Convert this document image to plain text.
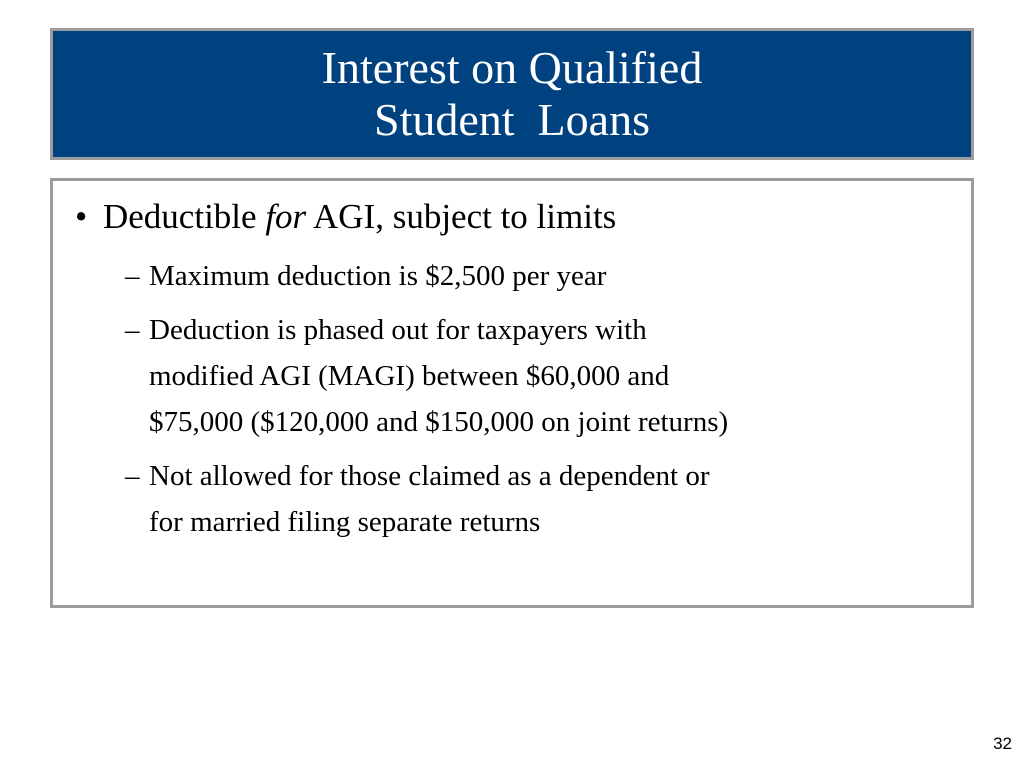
Interest on Qualified
Student  Loans
• Deductible for AGI, subject to limits
– Maximum deduction is $2,500 per year
– Deduction is phased out for taxpayers with
modified AGI (MAGI) between $60,000 and
$75,000 ($120,000 and $150,000 on joint returns)
– Not allowed for those claimed as a dependent or
for married filing separate returns
32
